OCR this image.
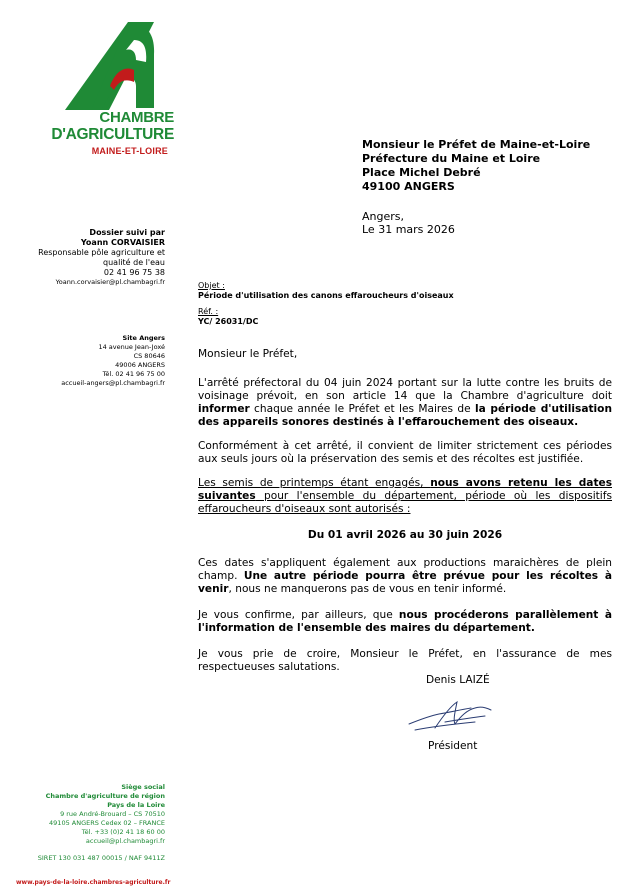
CHAMBRE
D'AGRICULTURE
MAINE-ET-LOIRE
Dossier suivi par
Yoann CORVAISIER
Responsable pôle agriculture et
qualité de l'eau
02 41 96 75 38
Yoann.corvaisier@pl.chambagri.fr
Site Angers
14 avenue Jean-Joxé
CS 80646
49006 ANGERS
Tél. 02 41 96 75 00
accueil-angers@pl.chambagri.fr
Monsieur le Préfet de Maine-et-Loire
Préfecture du Maine et Loire
Place Michel Debré
49100 ANGERS
Angers,
Le 31 mars 2026
Objet :
Période d'utilisation des canons effaroucheurs d'oiseaux
Réf. :
YC/ 26031/DC
Monsieur le Préfet,
L'arrêté préfectoral du 04 juin 2024 portant sur la lutte contre les bruits de voisinage prévoit, en son article 14 que la Chambre d'agriculture doit informer chaque année le Préfet et les Maires de la période d'utilisation des appareils sonores destinés à l'effarouchement des oiseaux.
Conformément à cet arrêté, il convient de limiter strictement ces périodes aux seuls jours où la préservation des semis et des récoltes est justifiée.
Les semis de printemps étant engagés, nous avons retenu les dates suivantes pour l'ensemble du département, période où les dispositifs effaroucheurs d'oiseaux sont autorisés :
Du 01 avril 2026 au 30 juin 2026
Ces dates s'appliquent également aux productions maraichères de plein champ. Une autre période pourra être prévue pour les récoltes à venir, nous ne manquerons pas de vous en tenir informé.
Je vous confirme, par ailleurs, que nous procéderons parallèlement à l'information de l'ensemble des maires du département.
Je vous prie de croire, Monsieur le Préfet, en l'assurance de mes respectueuses salutations.
Denis LAIZÉ
Président
Siège social
Chambre d'agriculture de région
Pays de la Loire
9 rue André-Brouard – CS 70510
49105 ANGERS Cedex 02 – FRANCE
Tél. +33 (0)2 41 18 60 00
accueil@pl.chambagri.fr
SIRET 130 031 487 00015 / NAF 9411Z
www.pays-de-la-loire.chambres-agriculture.fr
